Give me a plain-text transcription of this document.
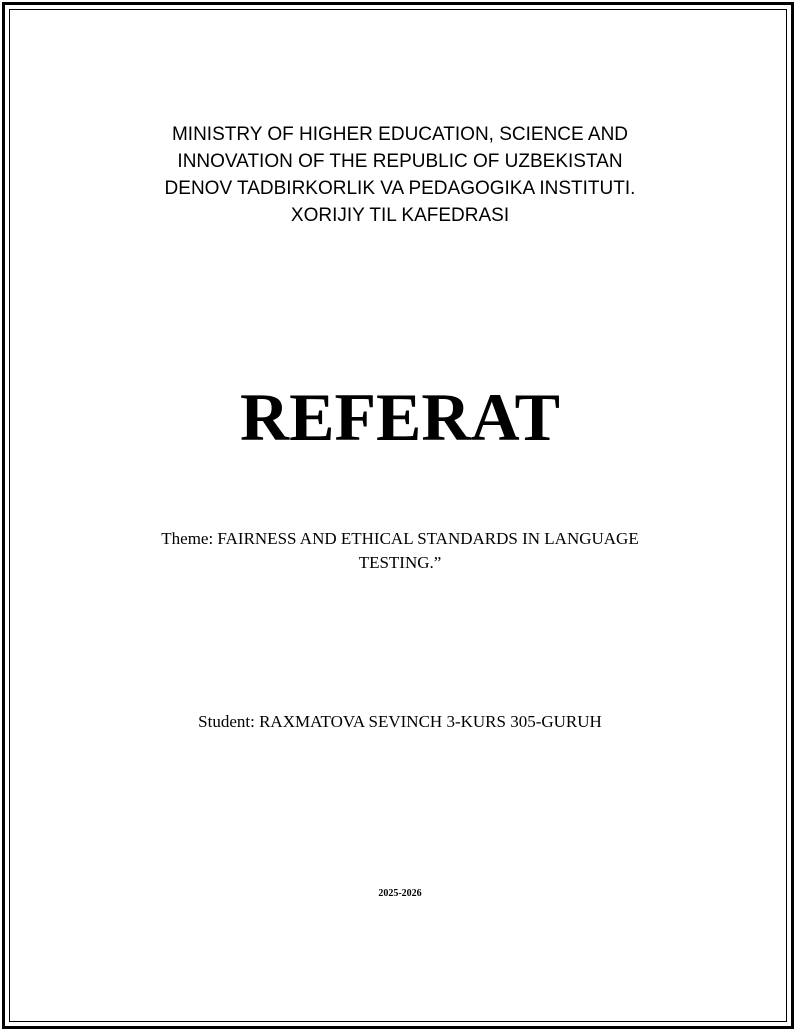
MINISTRY OF HIGHER EDUCATION, SCIENCE AND
INNOVATION OF THE REPUBLIC OF UZBEKISTAN
DENOV TADBIRKORLIK VA PEDAGOGIKA INSTITUTI.
XORIJIY TIL KAFEDRASI
REFERAT
Theme: FAIRNESS AND ETHICAL STANDARDS IN LANGUAGE
TESTING.”
Student: RAXMATOVA SEVINCH 3-KURS 305-GURUH
2025-2026
